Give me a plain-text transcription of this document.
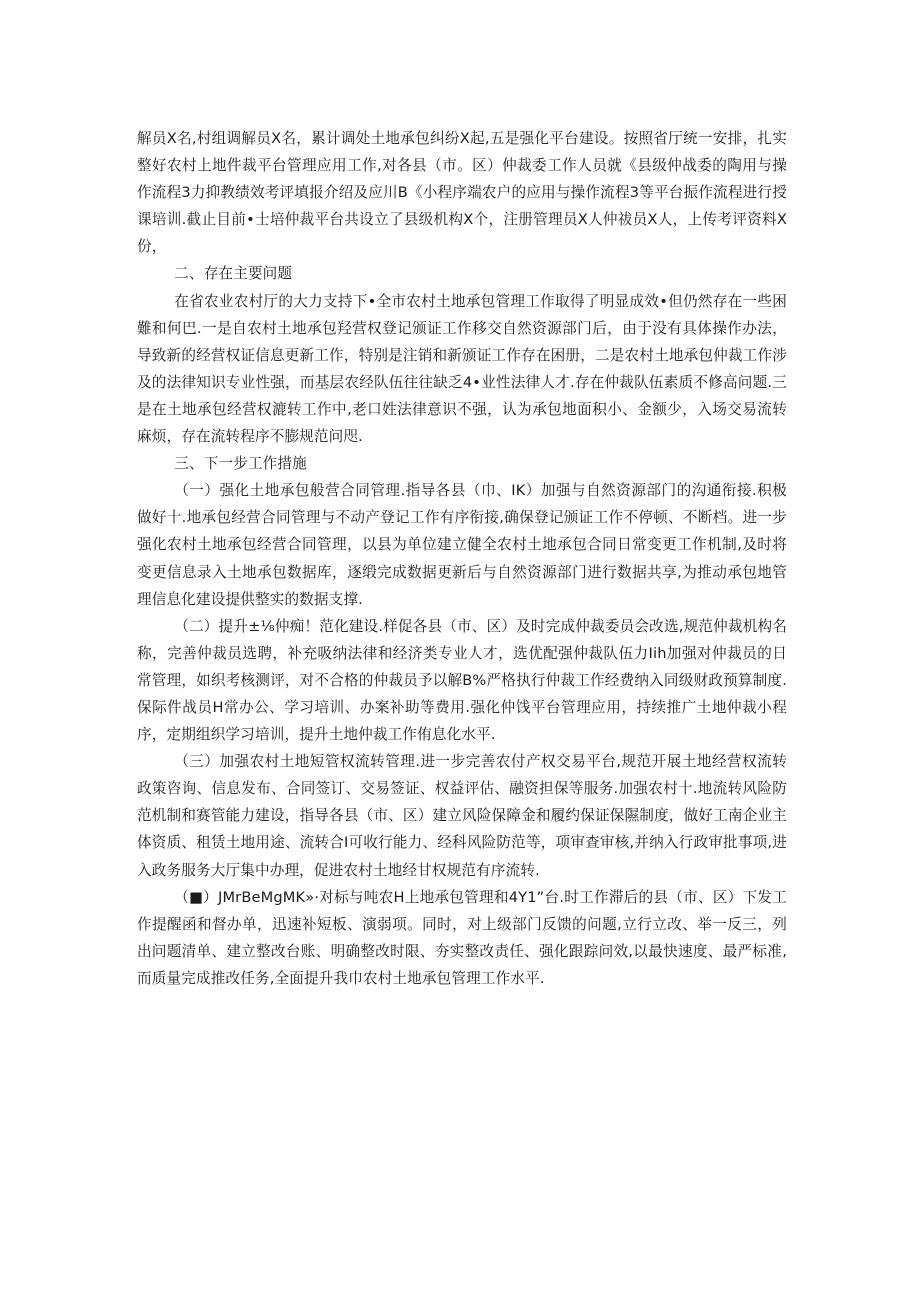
解员X名,村组调解员X名，累计调处土地承包纠纷X起,五是强化平台建设。按照省厅统一安排，扎实整好农村上地件裁平台管理应用工作,对各县（市。区）仲裁委工作人员就《县级仲战委的陶用与操作流程3力抑教绩效考评填报介绍及应川B《小程序端农户的应用与操作流程3等平台振作流程进行授课培训.截止目前•士培仲裁平台共设立了县级机构X个，注册管理员X人仲祓员X人，上传考评资料X份，

二、存在主要问题

在省农业农村厅的大力支持下•全市农村土地承包管理工作取得了明显成效•但仍然存在一些困難和何巴.一是自农村土地承包羟营权登记颁证工作移交自然资源部门后，由于没有具体操作办法，导致新的经营权证信息更新工作，特别是注销和新颁证工作存在困册，二是农村土地承包仲裁工作涉及的法律知识专业性强，而基层农经队伍往往缺乏4•业性法律人才.存在仲裁队伍素质不修高问题.三是在土地承包经营权漉转工作中,老口姓法律意识不强，认为承包地面积小、金额少，入场交易流转麻烦，存在流转程序不膨规范问咫.

三、下一步工作措施

（一）强化土地承包般营合同管理.指导各县（巾、IK）加强与自然资源部门的沟通衔接.积极做好十.地承包经营合同管理与不动产登记工作有序衔接,确保登记颁证工作不停顿、不断档。进一步强化农村土地承包经营合同管理，以县为单位建立健全农村土地承包合同日常变更工作机制,及时将变更信息录入土地承包数据库，逐缎完成数据更新后与自然资源部门进行数据共享,为推动承包地管理信息化建设提供整实的数据支撑.

（二）提升±⅛仲痴！范化建设.样促各县（市、区）及时完成仲裁委员会改选,规范仲裁机构名称，完善仲裁员选聘，补充吸纳法律和经济类专业人才，选优配强仲裁队伍力Iih加强对仲裁员的日常管理，如织考核测评，对不合格的仲裁员予以解B%严格执行仲裁工作经费纳入同级财政预算制度.保际件战员H常办公、学习培训、办案补助等费用.强化仲饯平台管理应用，持续推广土地仲裁小程序，定期组织学习培训，提升土地仲裁工作侑息化水平.

（三）加强农村土地短管权流转管理.进一步完善农付产权交易平台,规范开展土地经营权流转政策咨询、信息发布、合同签订、交易签证、权益评估、融资担保等服务.加强农村十.地流转风险防范机制和赛管能力建设，指导各县（市、区）建立风险保障金和履约保证保隰制度，做好工南企业主体资质、租赁土地用途、流转合I可收行能力、经科风险防范等，项审查审核,并纳入行政审批事项,进入政务服务大厅集中办理，促进农村土地经甘权规范有序流转.

（■）JMrBeMgMK»·对标与吨农H上地承包管理和4Y1”台.时工作滞后的县（市、区）下发工作提醒函和督办单，迅速补短板、演弱项。同时，对上级部门反馈的问题,立行立改、举一反三，列出问题清单、建立整改台账、明确整改时限、夯实整改责任、强化跟踪问效,以最快速度、最严标准,而质量完成推改任务,全面提升我巾农村土地承包管理工作水平.
